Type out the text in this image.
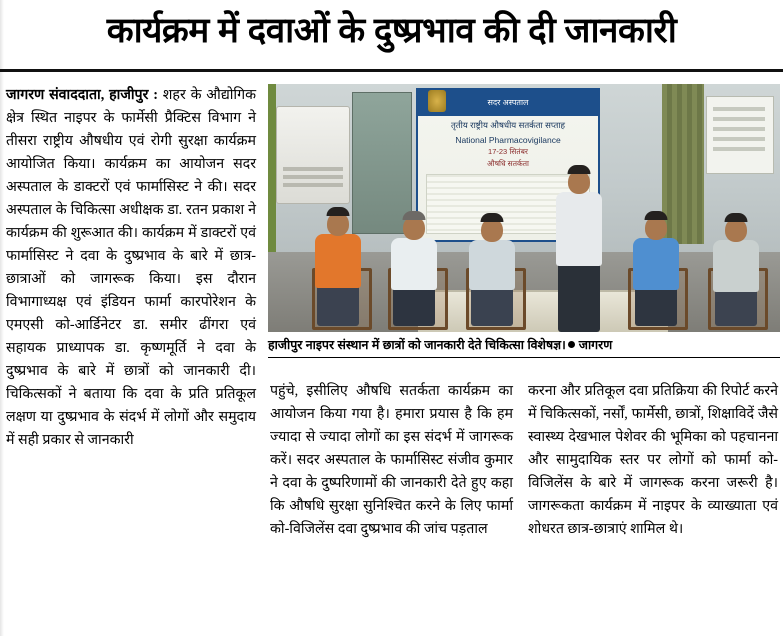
कार्यक्रम में दवाओं के दुष्प्रभाव की दी जानकारी
जागरण संवाददाता, हाजीपुर : शहर के औद्योगिक क्षेत्र स्थित नाइपर के फार्मेसी प्रैक्टिस विभाग ने तीसरा राष्ट्रीय औषधीय एवं रोगी सुरक्षा कार्यक्रम आयोजित किया। कार्यक्रम का आयोजन सदर अस्पताल के डाक्टरों एवं फार्मासिस्ट ने की। सदर अस्पताल के चिकित्सा अधीक्षक डा. रतन प्रकाश ने कार्यक्रम की शुरूआत की। कार्यक्रम में डाक्टरों एवं फार्मासिस्ट ने दवा के दुष्प्रभाव के बारे में छात्र-छात्राओं को जागरूक किया। इस दौरान विभागाध्यक्ष एवं इंडियन फार्मा कारपोरेशन के एमएसी को-आर्डिनेटर डा. समीर ढींगरा एवं सहायक प्राध्यापक डा. कृष्णमूर्ति ने दवा के दुष्प्रभाव के बारे में छात्रों को जानकारी दी। चिकित्सकों ने बताया कि दवा के प्रति प्रतिकूल लक्षण या दुष्प्रभाव के संदर्भ में लोगों और समुदाय में सही प्रकार से जानकारी
पहुंचे, इसीलिए औषधि सतर्कता कार्यक्रम का आयोजन किया गया है। हमारा प्रयास है कि हम ज्यादा से ज्यादा लोगों का इस संदर्भ में जागरूक करें। सदर अस्पताल के फार्मासिस्ट संजीव कुमार ने दवा के दुष्परिणामों की जानकारी देते हुए कहा कि औषधि सुरक्षा सुनिश्चित करने के लिए फार्मा को-विजिलेंस दवा दुष्प्रभाव की जांच पड़ताल
करना और प्रतिकूल दवा प्रतिक्रिया की रिपोर्ट करने में चिकित्सकों, नर्सों, फार्मेसी, छात्रों, शिक्षाविदें जैसे स्वास्थ्य देखभाल पेशेवर की भूमिका को पहचानना और सामुदायिक स्तर पर लोगों को फार्मा को-विजिलेंस के बारे में जागरूक करना जरूरी है। जागरूकता कार्यक्रम में नाइपर के व्याख्याता एवं शोधरत छात्र-छात्राएं शामिल थे।
सदर अस्पताल
तृतीय राष्ट्रीय औषधीय सतर्कता सप्ताह
National Pharmacovigilance
17-23 सितंबर
औषधि सतर्कता
हाजीपुर नाइपर संस्थान में छात्रों को जानकारी देते चिकित्सा विशेषज्ञ। जागरण
